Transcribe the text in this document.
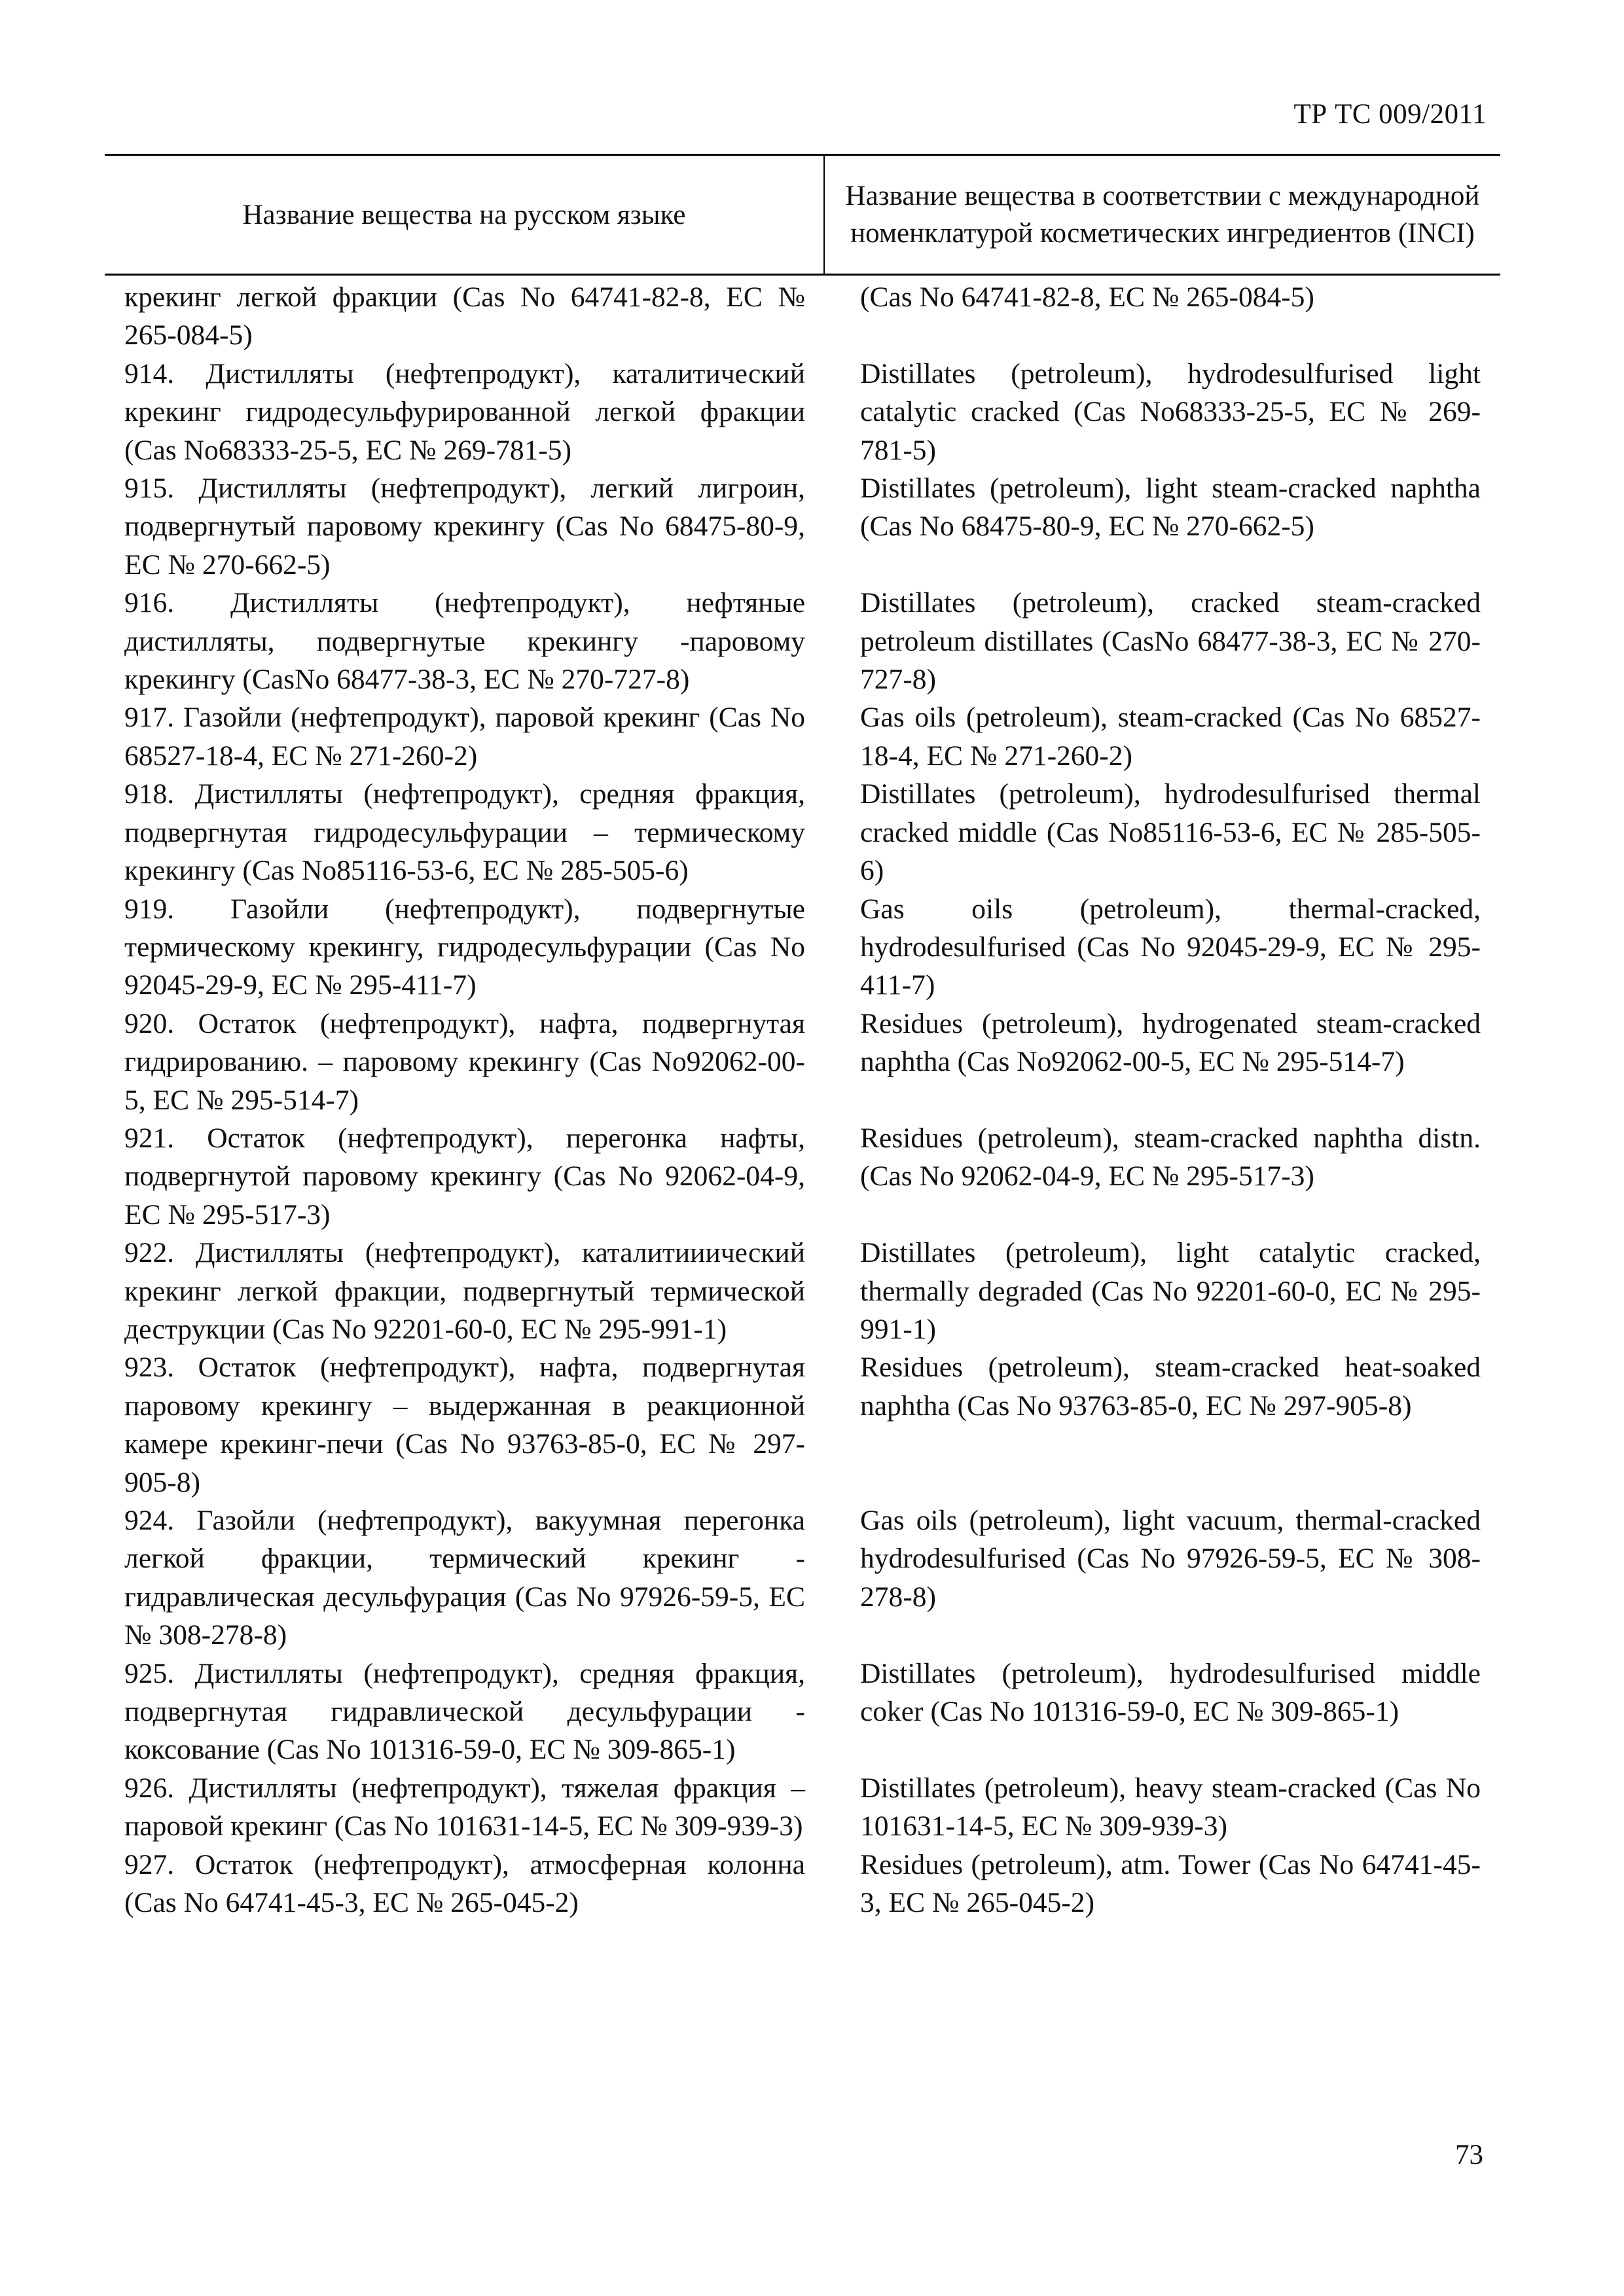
ТР ТС 009/2011
Название вещества на русском языке
Название вещества в соответствии с международной номенклатурой косметических ингредиентов (INCI)
крекинг легкой фракции (Cas No 64741-82-8, ЕС № 265-084-5)
(Cas No 64741-82-8, ЕС № 265-084-5)
914. Дистилляты (нефтепродукт), каталитический крекинг гидродесульфурированной легкой фракции (Cas No68333-25-5, ЕС № 269-781-5)
Distillates (petroleum), hydrodesulfurised light catalytic cracked (Cas No68333-25-5, ЕС № 269-781-5)
915. Дистилляты (нефтепродукт), легкий лигроин, подвергнутый паровому крекингу (Cas No 68475-80-9, ЕС № 270-662-5)
Distillates (petroleum), light steam-cracked naphtha (Cas No 68475-80-9, ЕС № 270-662-5)
916. Дистилляты (нефтепродукт), нефтяные дистилляты, подвергнутые крекингу -паровому крекингу (CasNo 68477-38-3, ЕС № 270-727-8)
Distillates (petroleum), cracked steam-cracked petroleum distillates (CasNo 68477-38-3, ЕС № 270-727-8)
917. Газойли (нефтепродукт), паровой крекинг (Cas No 68527-18-4, ЕС № 271-260-2)
Gas oils (petroleum), steam-cracked (Cas No 68527-18-4, ЕС № 271-260-2)
918. Дистилляты (нефтепродукт), средняя фракция, подвергнутая гидродесульфурации – термическому крекингу (Cas No85116-53-6, ЕС № 285-505-6)
Distillates (petroleum), hydrodesulfurised thermal cracked middle (Cas No85116-53-6, ЕС № 285-505-6)
919. Газойли (нефтепродукт), подвергнутые термическому крекингу, гидродесульфурации (Cas No 92045-29-9, ЕС № 295-411-7)
Gas oils (petroleum), thermal-cracked, hydrodesulfurised (Cas No 92045-29-9, ЕС № 295-411-7)
920. Остаток (нефтепродукт), нафта, подвергнутая гидрированию. – паровому крекингу (Cas No92062-00-5, ЕС № 295-514-7)
Residues (petroleum), hydrogenated steam-cracked naphtha (Cas No92062-00-5, ЕС № 295-514-7)
921. Остаток (нефтепродукт), перегонка нафты, подвергнутой паровому крекингу (Cas No 92062-04-9, ЕС № 295-517-3)
Residues (petroleum), steam-cracked naphtha distn. (Cas No 92062-04-9, ЕС № 295-517-3)
922. Дистилляты (нефтепродукт), каталитииический крекинг легкой фракции, подвергнутый термической деструкции (Cas No 92201-60-0, ЕС № 295-991-1)
Distillates (petroleum), light catalytic cracked, thermally degraded (Cas No 92201-60-0, ЕС № 295-991-1)
923. Остаток (нефтепродукт), нафта, подвергнутая паровому крекингу – выдержанная в реакционной камере крекинг-печи (Cas No 93763-85-0, ЕС № 297-905-8)
Residues (petroleum), steam-cracked heat-soaked naphtha (Cas No 93763-85-0, ЕС № 297-905-8)
924. Газойли (нефтепродукт), вакуумная перегонка легкой фракции, термический крекинг - гидравлическая десульфурация (Cas No 97926-59-5, ЕС № 308-278-8)
Gas oils (petroleum), light vacuum, thermal-cracked hydrodesulfurised (Cas No 97926-59-5, ЕС № 308-278-8)
925. Дистилляты (нефтепродукт), средняя фракция, подвергнутая гидравлической десульфурации - коксование (Cas No 101316-59-0, ЕС № 309-865-1)
Distillates (petroleum), hydrodesulfurised middle coker (Cas No 101316-59-0, ЕС № 309-865-1)
926. Дистилляты (нефтепродукт), тяжелая фракция – паровой крекинг (Cas No 101631-14-5, ЕС № 309-939-3)
Distillates (petroleum), heavy steam-cracked (Cas No 101631-14-5, ЕС № 309-939-3)
927. Остаток (нефтепродукт), атмосферная колонна (Cas No 64741-45-3, ЕС № 265-045-2)
Residues (petroleum), atm. Tower (Cas No 64741-45-3, ЕС № 265-045-2)
73
